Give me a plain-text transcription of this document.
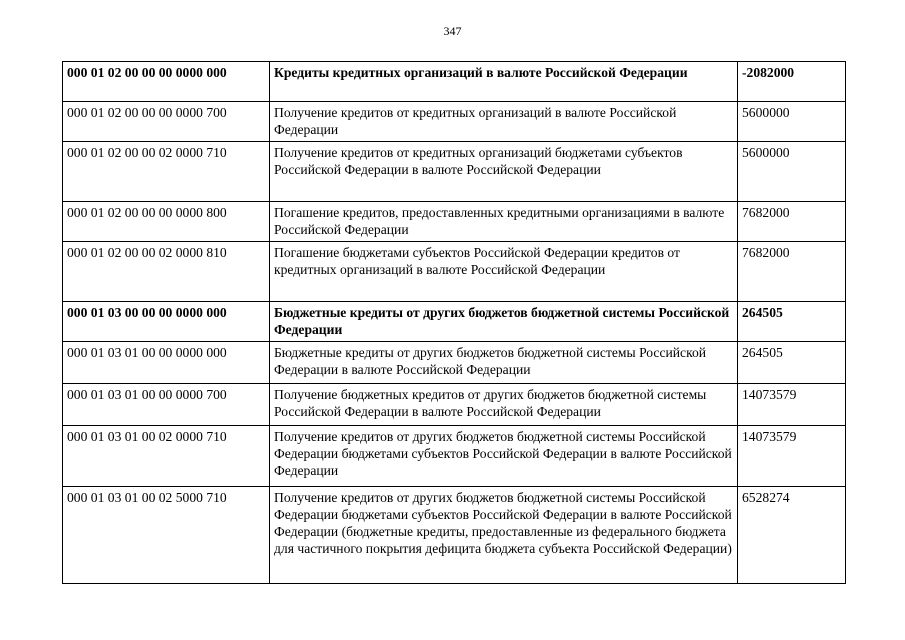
347
000 01 02 00 00 00 0000 000	Кредиты кредитных организаций в валюте Российской Федерации	-2082000
000 01 02 00 00 00 0000 700	Получение кредитов от кредитных организаций в валюте Российской Федерации	5600000
000 01 02 00 00 02 0000 710	Получение кредитов от кредитных организаций бюджетами субъектов Российской Федерации в валюте Российской Федерации	5600000
000 01 02 00 00 00 0000 800	Погашение кредитов, предоставленных кредитными организациями в валюте Российской Федерации	7682000
000 01 02 00 00 02 0000 810	Погашение бюджетами субъектов Российской Федерации кредитов от кредитных организаций в валюте Российской Федерации	7682000
000 01 03 00 00 00 0000 000	Бюджетные кредиты от других бюджетов бюджетной системы Российской Федерации	264505
000 01 03 01 00 00 0000 000	Бюджетные кредиты от других бюджетов бюджетной системы Российской Федерации в валюте Российской Федерации	264505
000 01 03 01 00 00 0000 700	Получение бюджетных кредитов от других бюджетов бюджетной системы Российской Федерации в валюте Российской Федерации	14073579
000 01 03 01 00 02 0000 710	Получение кредитов от других бюджетов бюджетной системы Российской Федерации бюджетами субъектов Российской Федерации в валюте Российской Федерации	14073579
000 01 03 01 00 02 5000 710	Получение кредитов от других бюджетов бюджетной системы Российской Федерации бюджетами субъектов Российской Федерации в валюте Российской Федерации (бюджетные кредиты, предоставленные из федерального бюджета для частичного покрытия дефицита бюджета субъекта Российской Федерации)	6528274
